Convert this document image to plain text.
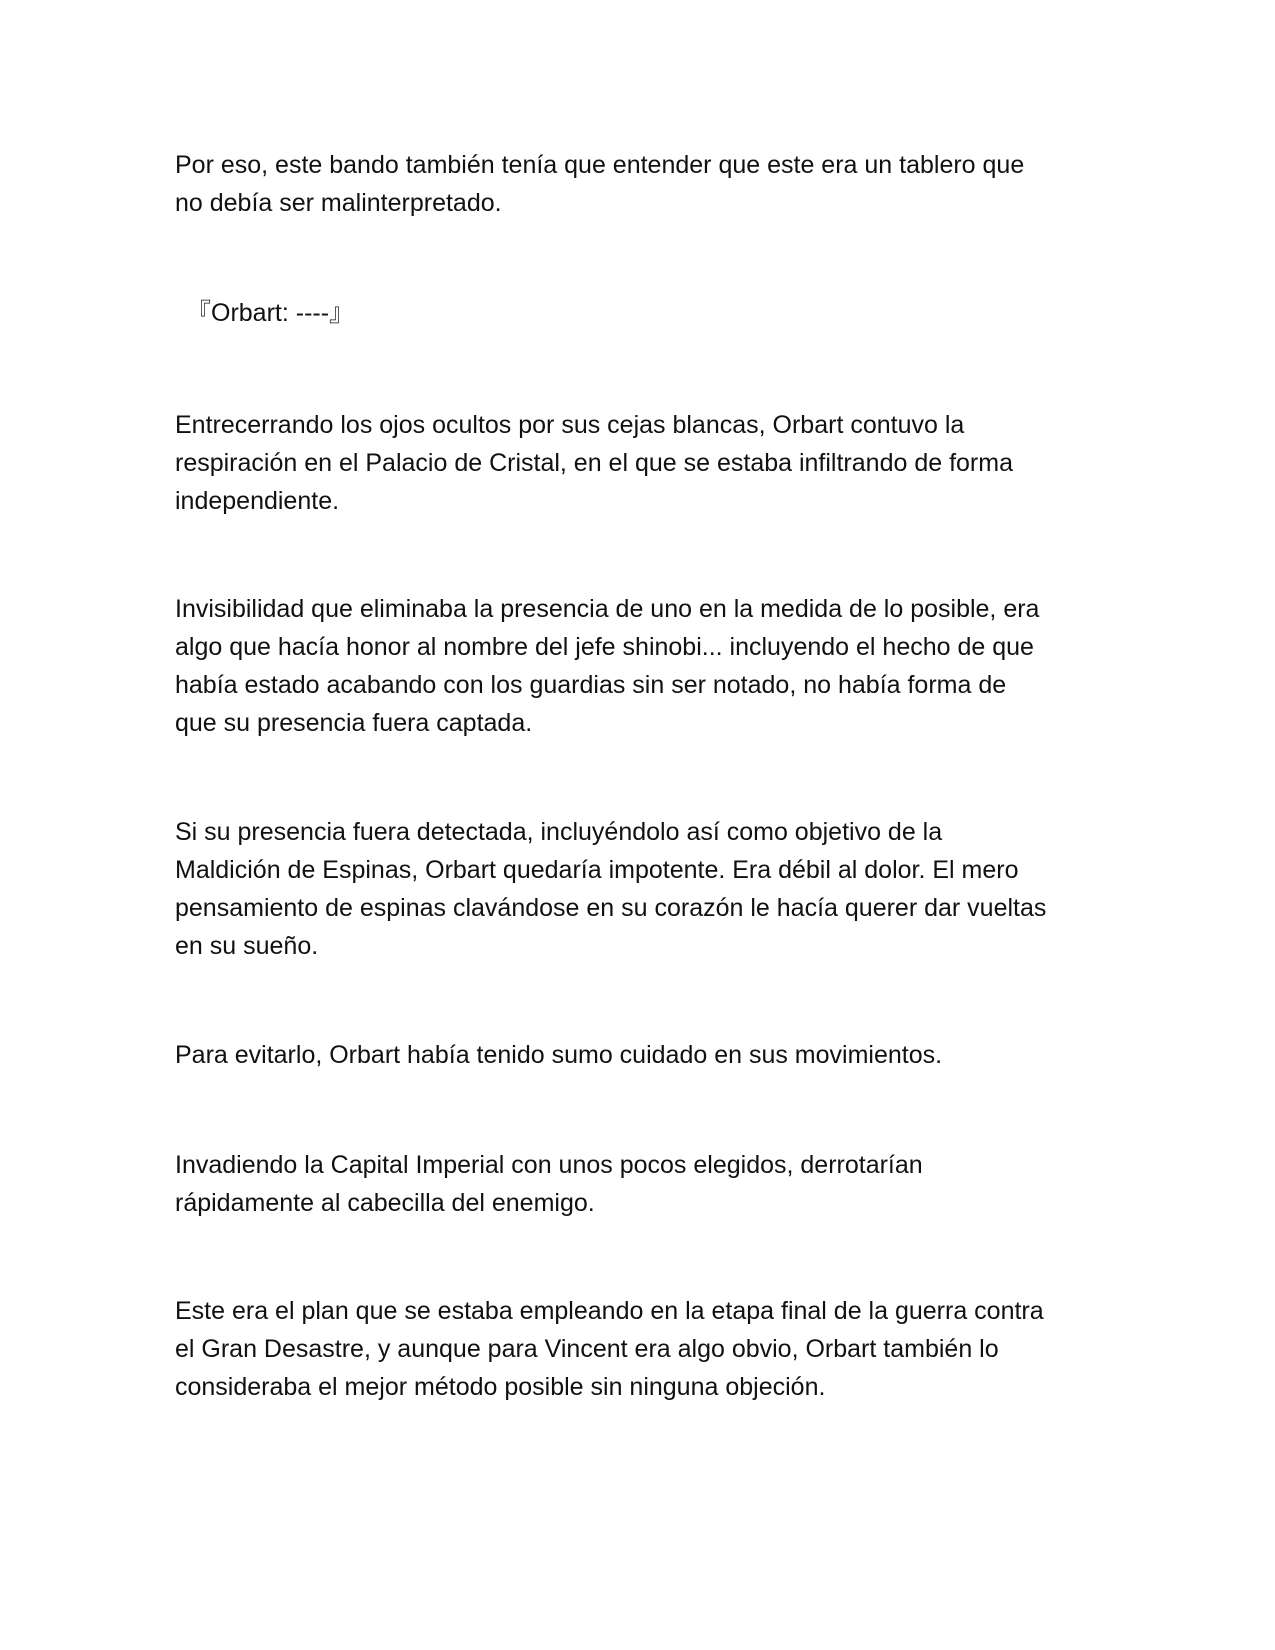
Por eso, este bando también tenía que entender que este era un tablero que
no debía ser malinterpretado.

『Orbart: ----』

Entrecerrando los ojos ocultos por sus cejas blancas, Orbart contuvo la
respiración en el Palacio de Cristal, en el que se estaba infiltrando de forma
independiente.

Invisibilidad que eliminaba la presencia de uno en la medida de lo posible, era
algo que hacía honor al nombre del jefe shinobi... incluyendo el hecho de que
había estado acabando con los guardias sin ser notado, no había forma de
que su presencia fuera captada.

Si su presencia fuera detectada, incluyéndolo así como objetivo de la
Maldición de Espinas, Orbart quedaría impotente. Era débil al dolor. El mero
pensamiento de espinas clavándose en su corazón le hacía querer dar vueltas
en su sueño.

Para evitarlo, Orbart había tenido sumo cuidado en sus movimientos.

Invadiendo la Capital Imperial con unos pocos elegidos, derrotarían
rápidamente al cabecilla del enemigo.

Este era el plan que se estaba empleando en la etapa final de la guerra contra
el Gran Desastre, y aunque para Vincent era algo obvio, Orbart también lo
consideraba el mejor método posible sin ninguna objeción.
